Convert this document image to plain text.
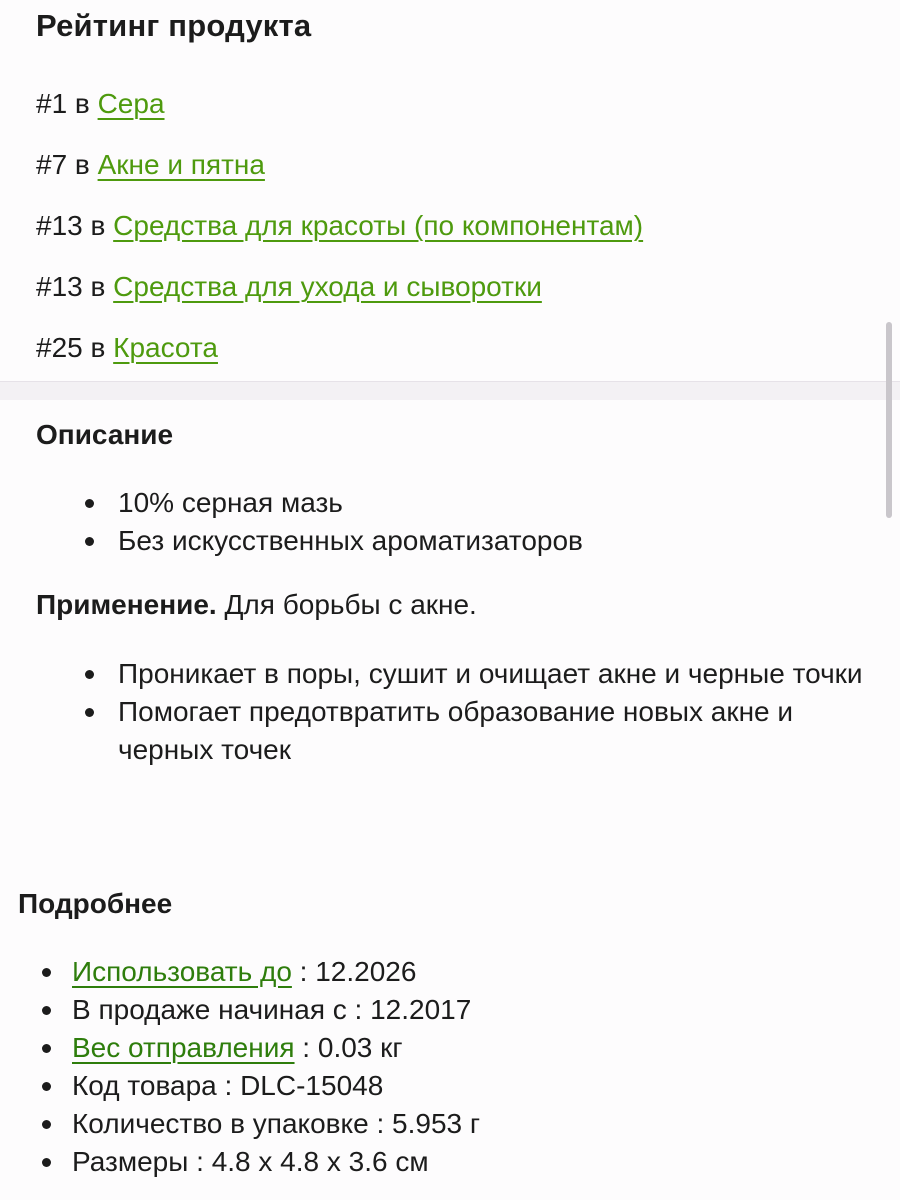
Рейтинг продукта
#1 в Сера
#7 в Акне и пятна
#13 в Средства для красоты (по компонентам)
#13 в Средства для ухода и сыворотки
#25 в Красота
Описание
10% серная мазь
Без искусственных ароматизаторов
Применение. Для борьбы с акне.
Проникает в поры, сушит и очищает акне и черные точки
Помогает предотвратить образование новых акне и черных точек
Подробнее
Использовать до : 12.2026
В продаже начиная с : 12.2017
Вес отправления : 0.03 кг
Код товара : DLC-15048
Количество в упаковке : 5.953 г
Размеры : 4.8 x 4.8 x 3.6 см
